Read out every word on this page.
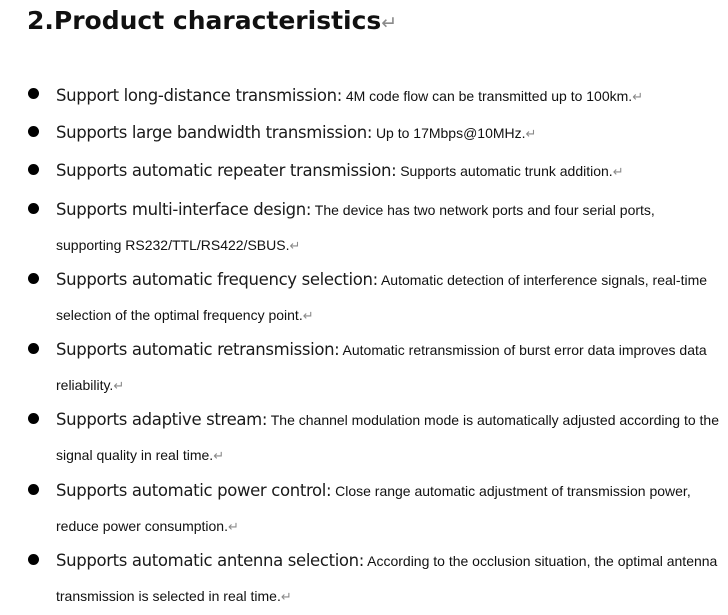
2.Product characteristics↵
Support long-distance transmission: 4M code flow can be transmitted up to 100km.↵
Supports large bandwidth transmission: Up to 17Mbps@10MHz.↵
Supports automatic repeater transmission: Supports automatic trunk addition.↵
Supports multi-interface design: The device has two network ports and four serial ports, supporting RS232/TTL/RS422/SBUS.↵
Supports automatic frequency selection: Automatic detection of interference signals, real-time selection of the optimal frequency point.↵
Supports automatic retransmission: Automatic retransmission of burst error data improves data reliability.↵
Supports adaptive stream: The channel modulation mode is automatically adjusted according to the signal quality in real time.↵
Supports automatic power control: Close range automatic adjustment of transmission power, reduce power consumption.↵
Supports automatic antenna selection: According to the occlusion situation, the optimal antenna transmission is selected in real time.↵
